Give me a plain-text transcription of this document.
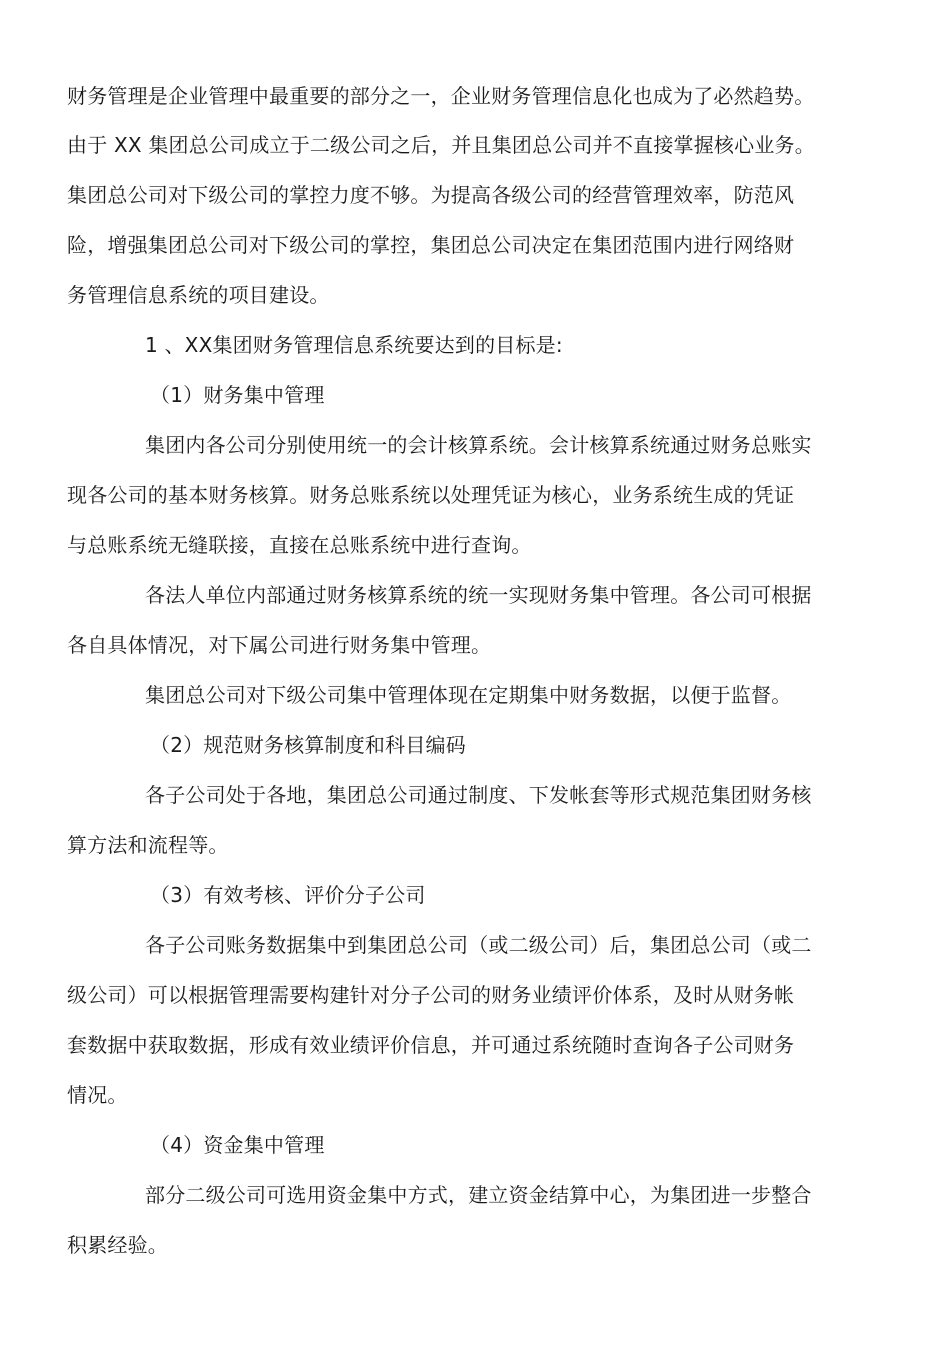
财务管理是企业管理中最重要的部分之一，企业财务管理信息化也成为了必然趋势。
由于 XX 集团总公司成立于二级公司之后，并且集团总公司并不直接掌握核心业务。
集团总公司对下级公司的掌控力度不够。为提高各级公司的经营管理效率，防范风
险，增强集团总公司对下级公司的掌控，集团总公司决定在集团范围内进行网络财
务管理信息系统的项目建设。
1 、XX集团财务管理信息系统要达到的目标是:
（1）财务集中管理
集团内各公司分别使用统一的会计核算系统。会计核算系统通过财务总账实
现各公司的基本财务核算。财务总账系统以处理凭证为核心，业务系统生成的凭证
与总账系统无缝联接，直接在总账系统中进行查询。
各法人单位内部通过财务核算系统的统一实现财务集中管理。各公司可根据
各自具体情况，对下属公司进行财务集中管理。
集团总公司对下级公司集中管理体现在定期集中财务数据，以便于监督。
（2）规范财务核算制度和科目编码
各子公司处于各地，集团总公司通过制度、下发帐套等形式规范集团财务核
算方法和流程等。
（3）有效考核、评价分子公司
各子公司账务数据集中到集团总公司（或二级公司）后，集团总公司（或二
级公司）可以根据管理需要构建针对分子公司的财务业绩评价体系，及时从财务帐
套数据中获取数据，形成有效业绩评价信息，并可通过系统随时查询各子公司财务
情况。
（4）资金集中管理
部分二级公司可选用资金集中方式，建立资金结算中心，为集团进一步整合
积累经验。
